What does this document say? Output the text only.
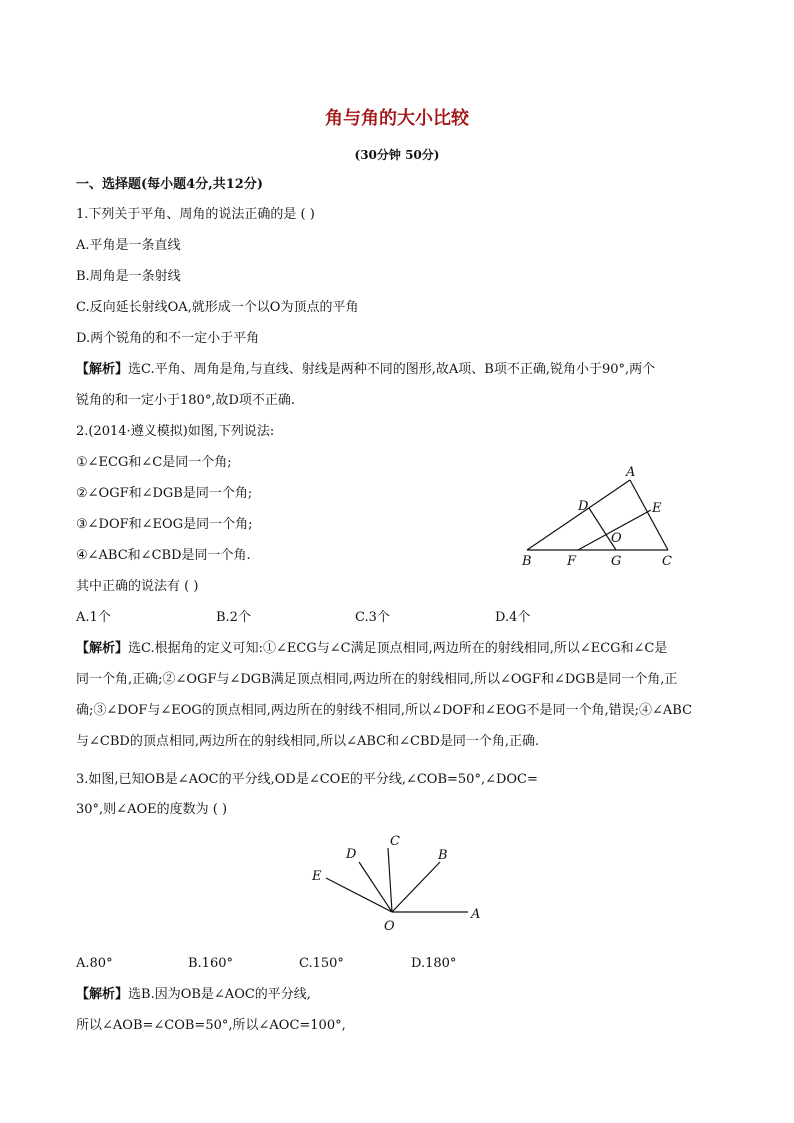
角与角的大小比较
(30分钟 50分)
一、选择题(每小题4分,共12分)
1.下列关于平角、周角的说法正确的是 ( )
A.平角是一条直线
B.周角是一条射线
C.反向延长射线OA,就形成一个以O为顶点的平角
D.两个锐角的和不一定小于平角
【解析】选C.平角、周角是角,与直线、射线是两种不同的图形,故A项、B项不正确,锐角小于90°,两个
锐角的和一定小于180°,故D项不正确.
2.(2014·遵义模拟)如图,下列说法:
①∠ECG和∠C是同一个角;
②∠OGF和∠DGB是同一个角;
③∠DOF和∠EOG是同一个角;
④∠ABC和∠CBD是同一个角.
其中正确的说法有 ( )
A.1个	B.2个	C.3个	D.4个
【解析】选C.根据角的定义可知:①∠ECG与∠C满足顶点相同,两边所在的射线相同,所以∠ECG和∠C是
同一个角,正确;②∠OGF与∠DGB满足顶点相同,两边所在的射线相同,所以∠OGF和∠DGB是同一个角,正
确;③∠DOF与∠EOG的顶点相同,两边所在的射线不相同,所以∠DOF和∠EOG不是同一个角,错误;④∠ABC
与∠CBD的顶点相同,两边所在的射线相同,所以∠ABC和∠CBD是同一个角,正确.
A
B	C
D	E
F	G
O
3.如图,已知OB是∠AOC的平分线,OD是∠COE的平分线,∠COB=50°,∠DOC=
30°,则∠AOE的度数为 ( )
A
B
C
D
E
O
A.80°	B.160°	C.150°	D.180°
【解析】选B.因为OB是∠AOC的平分线,
所以∠AOB=∠COB=50°,所以∠AOC=100°,
